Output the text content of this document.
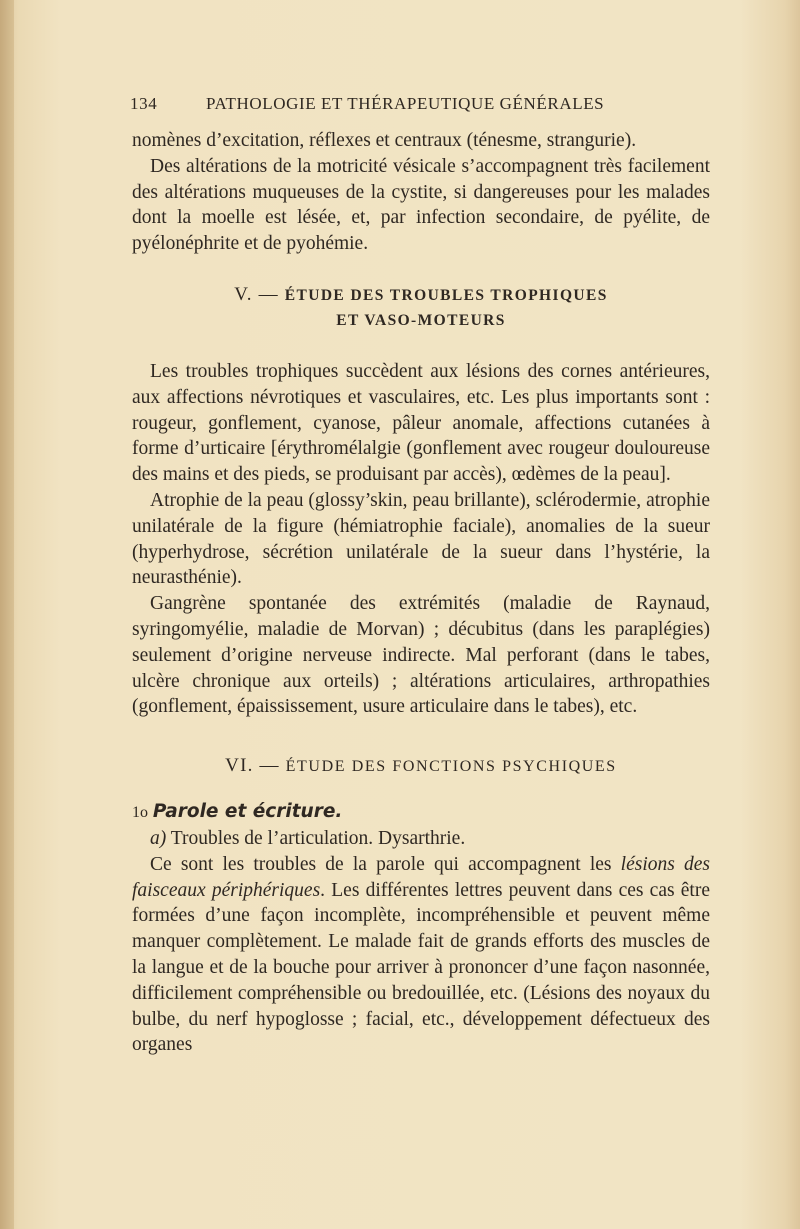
134	PATHOLOGIE ET THÉRAPEUTIQUE GÉNÉRALES

nomènes d’excitation, réflexes et centraux (ténesme, strangurie).

Des altérations de la motricité vésicale s’accompagnent très facilement des altérations muqueuses de la cystite, si dangereuses pour les malades dont la moelle est lésée, et, par infection secondaire, de pyélite, de pyélonéphrite et de pyohémie.

V. — ÉTUDE DES TROUBLES TROPHIQUES
ET VASO-MOTEURS

Les troubles trophiques succèdent aux lésions des cornes antérieures, aux affections névrotiques et vasculaires, etc. Les plus importants sont : rougeur, gonflement, cyanose, pâleur anomale, affections cutanées à forme d’urticaire [érythromélalgie (gonflement avec rougeur douloureuse des mains et des pieds, se produisant par accès), œdèmes de la peau].

Atrophie de la peau (glossy’skin, peau brillante), sclérodermie, atrophie unilatérale de la figure (hémiatrophie faciale), anomalies de la sueur (hyperhydrose, sécrétion unilatérale de la sueur dans l’hystérie, la neurasthénie).

Gangrène spontanée des extrémités (maladie de Raynaud, syringomyélie, maladie de Morvan) ; décubitus (dans les paraplégies) seulement d’origine nerveuse indirecte. Mal perforant (dans le tabes, ulcère chronique aux orteils) ; altérations articulaires, arthropathies (gonflement, épaississement, usure articulaire dans le tabes), etc.

VI. — ÉTUDE DES FONCTIONS PSYCHIQUES

1o Parole et écriture.

a) Troubles de l’articulation. Dysarthrie.

Ce sont les troubles de la parole qui accompagnent les lésions des faisceaux périphériques. Les différentes lettres peuvent dans ces cas être formées d’une façon incomplète, incompréhensible et peuvent même manquer complètement. Le malade fait de grands efforts des muscles de la langue et de la bouche pour arriver à prononcer d’une façon nasonnée, difficilement compréhensible ou bredouillée, etc. (Lésions des noyaux du bulbe, du nerf hypoglosse ; facial, etc., développement défectueux des organes
